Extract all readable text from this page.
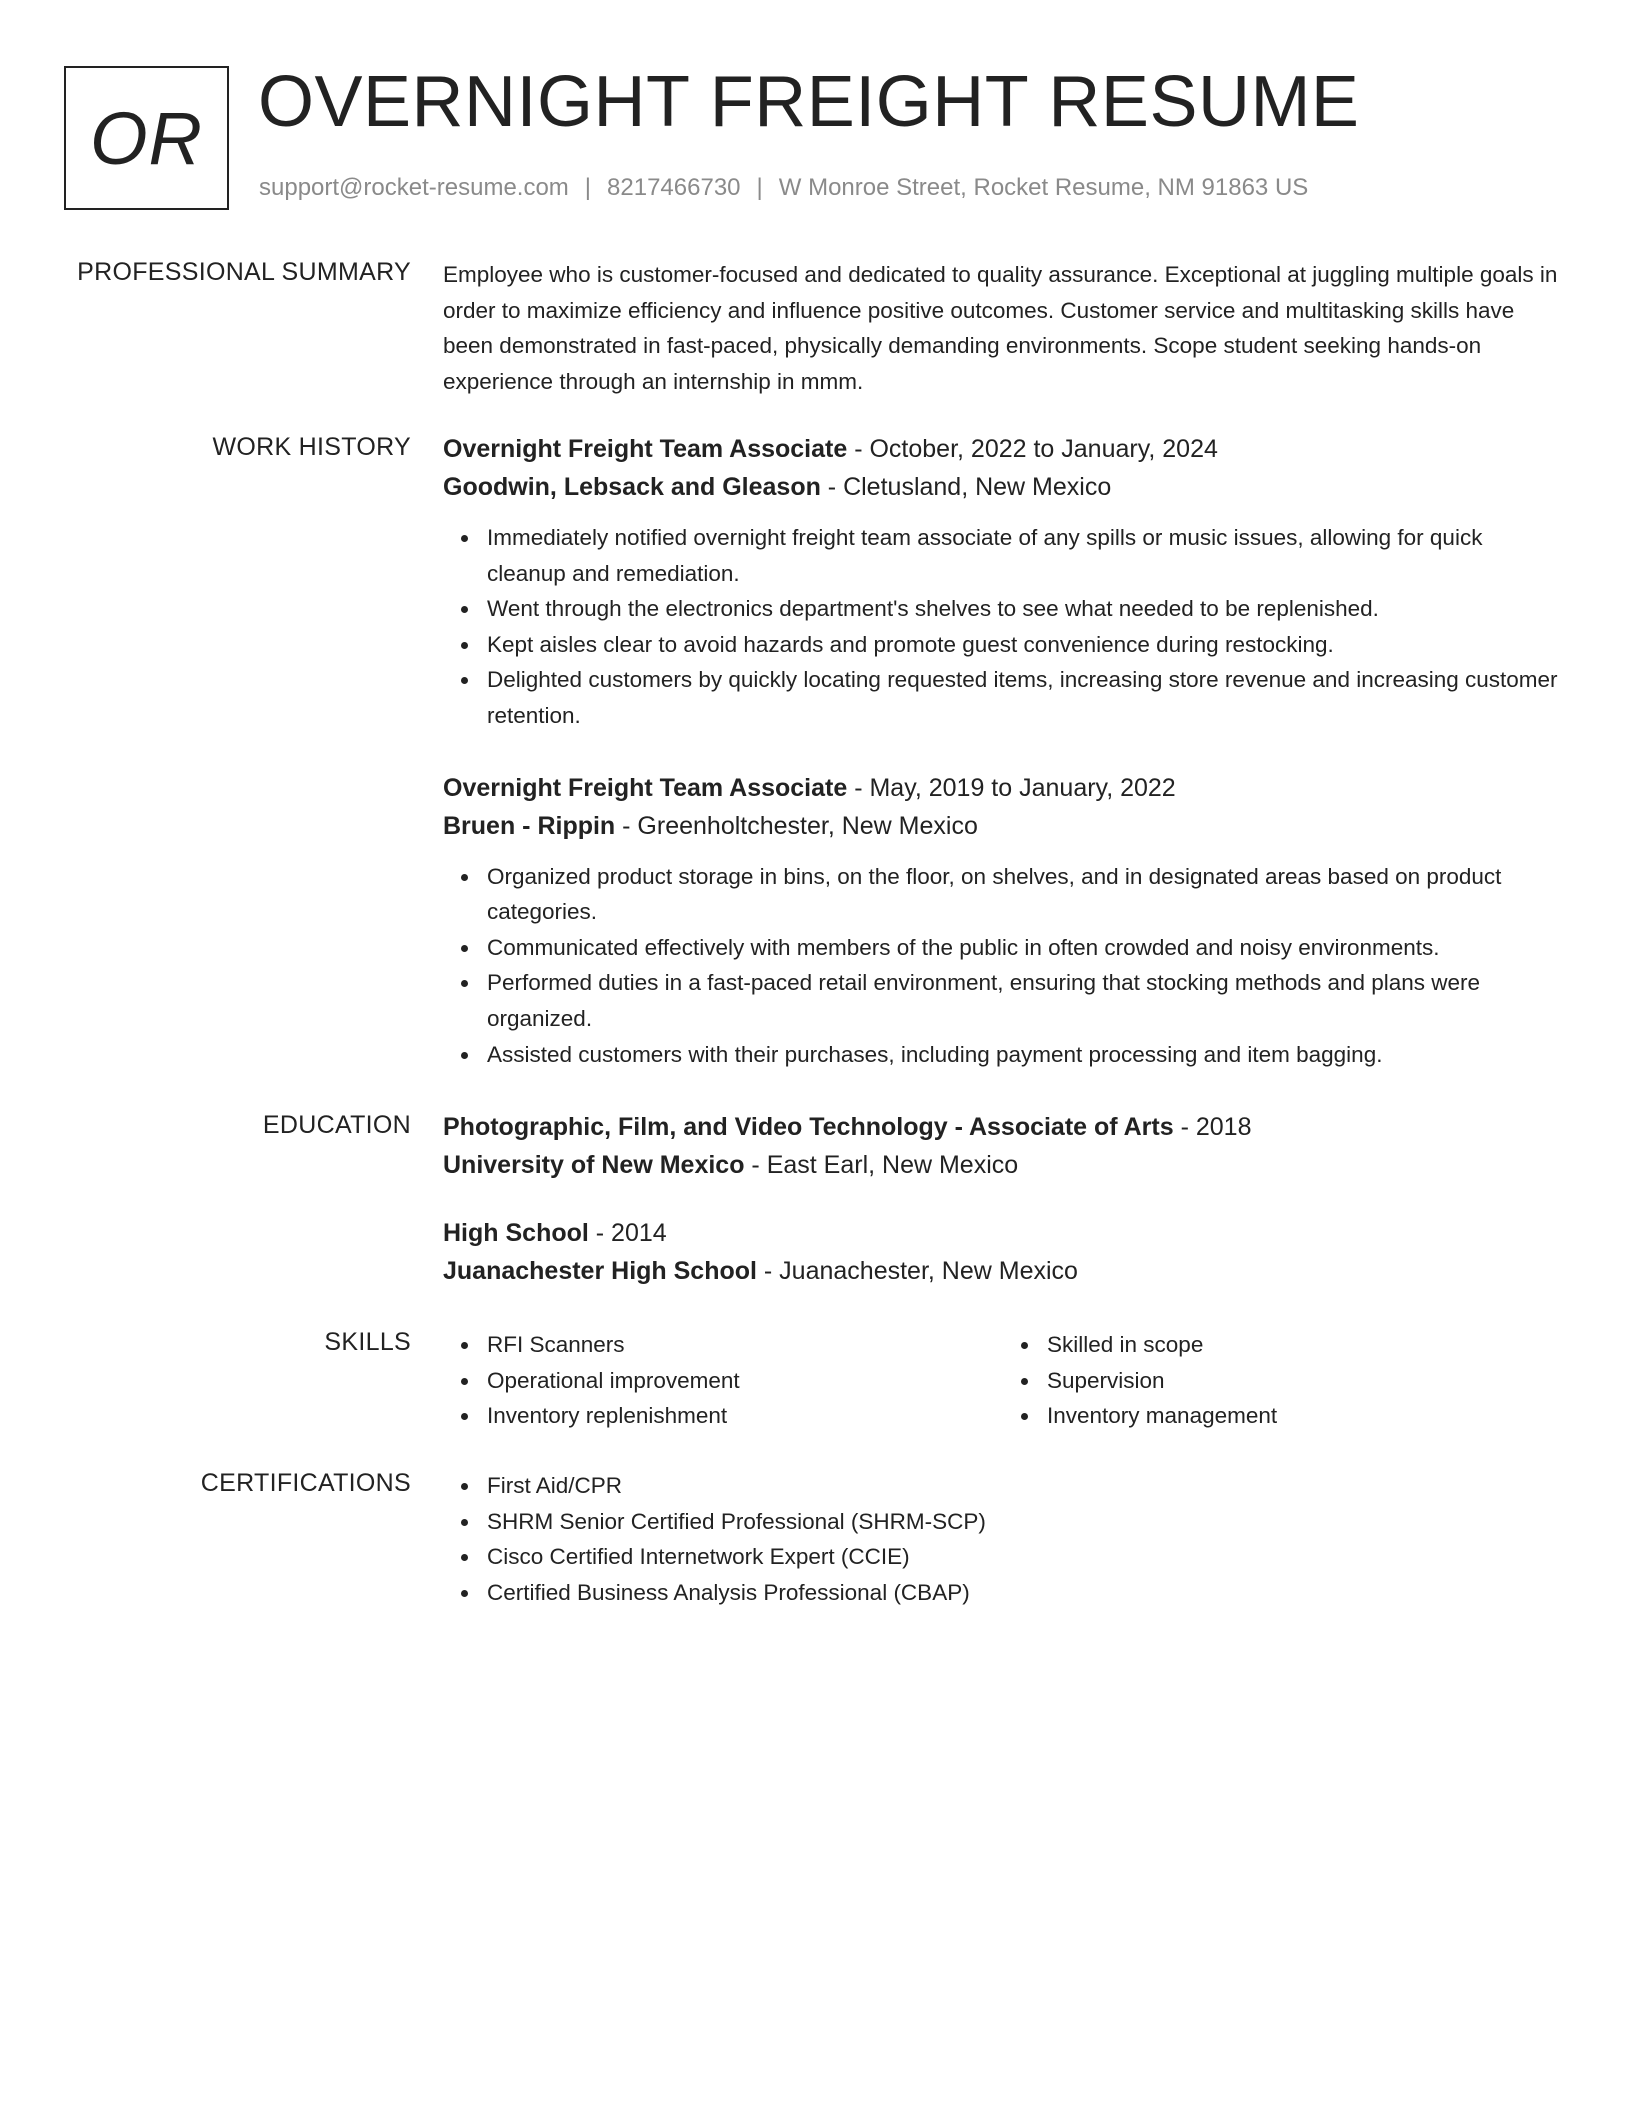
OR OVERNIGHT FREIGHT RESUME
support@rocket-resume.com | 8217466730 | W Monroe Street, Rocket Resume, NM 91863 US
PROFESSIONAL SUMMARY Employee who is customer-focused and dedicated to quality assurance. Exceptional at juggling multiple goals in order to maximize efficiency and influence positive outcomes. Customer service and multitasking skills have been demonstrated in fast-paced, physically demanding environments. Scope student seeking hands-on experience through an internship in mmm.

WORK HISTORY Overnight Freight Team Associate - October, 2022 to January, 2024
Goodwin, Lebsack and Gleason - Cletusland, New Mexico
Immediately notified overnight freight team associate of any spills or music issues, allowing for quick cleanup and remediation.
Went through the electronics department's shelves to see what needed to be replenished.
Kept aisles clear to avoid hazards and promote guest convenience during restocking.
Delighted customers by quickly locating requested items, increasing store revenue and increasing customer retention.
Overnight Freight Team Associate - May, 2019 to January, 2022
Bruen - Rippin - Greenholtchester, New Mexico
Organized product storage in bins, on the floor, on shelves, and in designated areas based on product categories.
Communicated effectively with members of the public in often crowded and noisy environments.
Performed duties in a fast-paced retail environment, ensuring that stocking methods and plans were organized.
Assisted customers with their purchases, including payment processing and item bagging.
EDUCATION Photographic, Film, and Video Technology - Associate of Arts - 2018
University of New Mexico - East Earl, New Mexico
High School - 2014
Juanachester High School - Juanachester, New Mexico
SKILLS	RFI Scanners
Operational improvement
Inventory replenishment
Skilled in scope
Supervision
Inventory management
CERTIFICATIONS	First Aid/CPR
SHRM Senior Certified Professional (SHRM-SCP)
Cisco Certified Internetwork Expert (CCIE)
Certified Business Analysis Professional (CBAP)
